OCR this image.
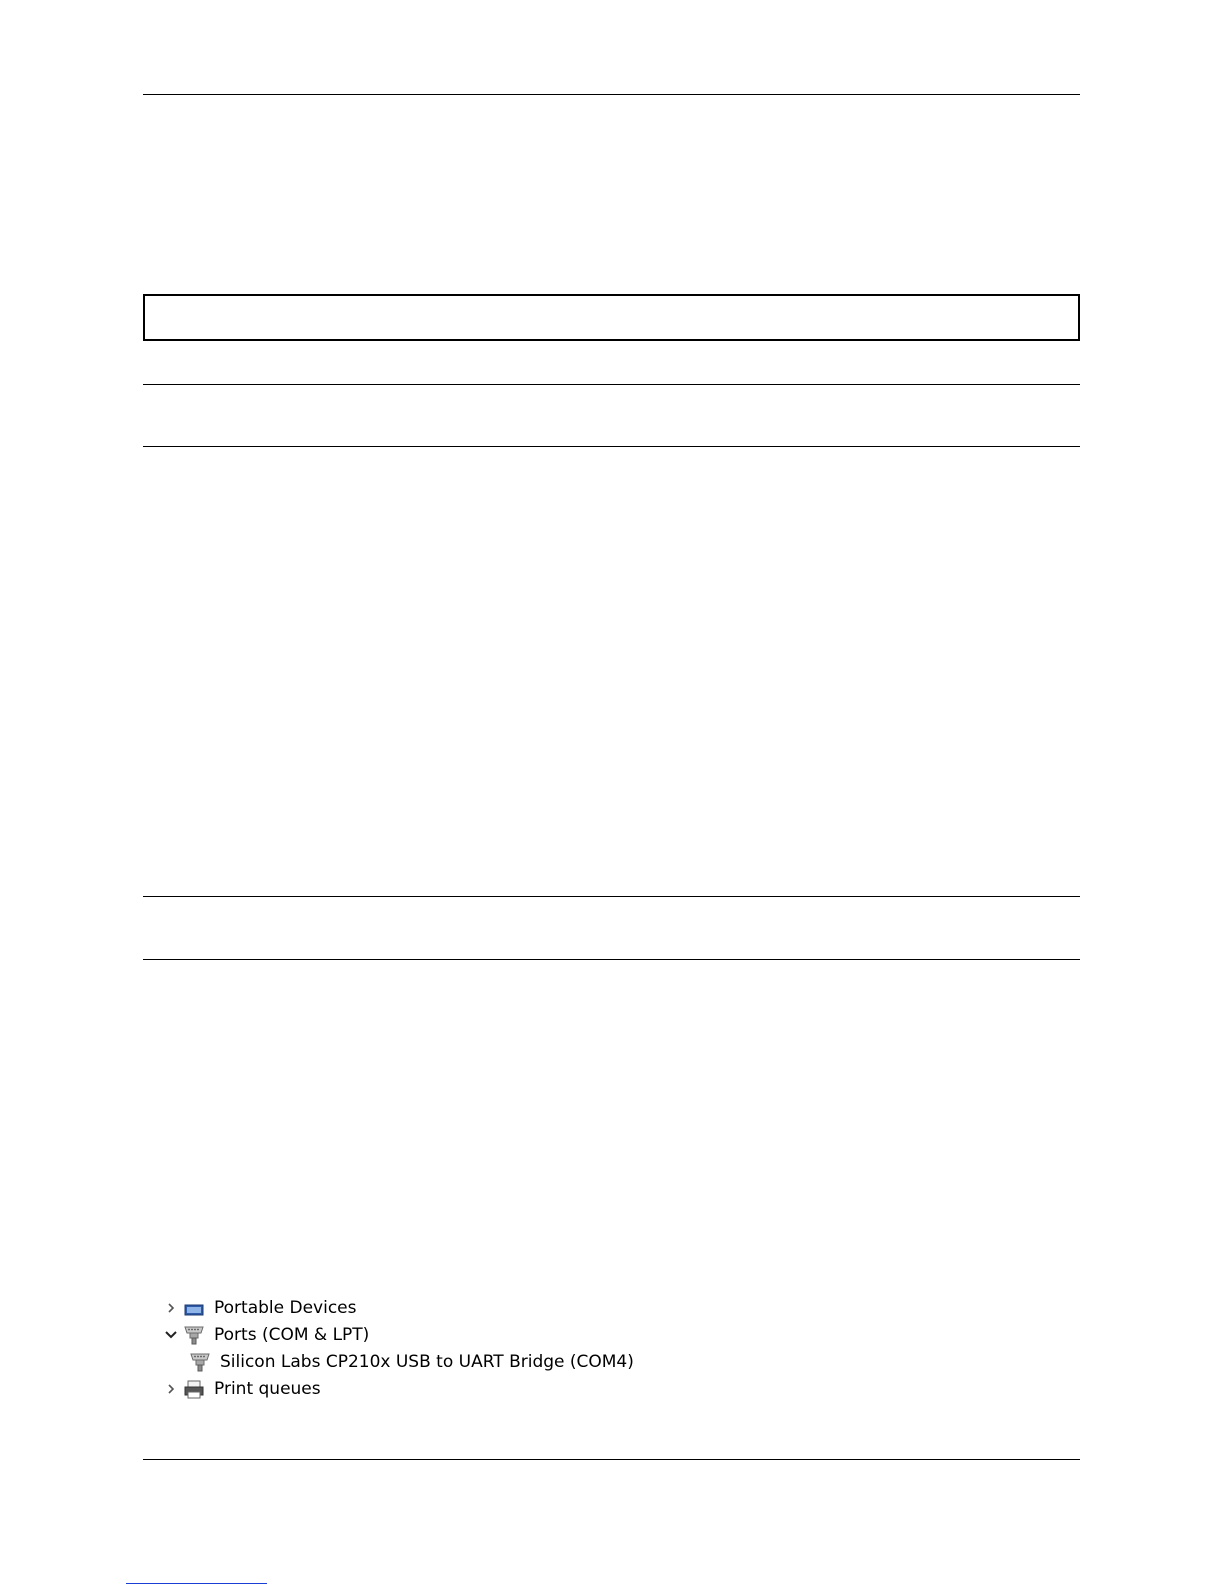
Portable Devices
Ports (COM & LPT)
Silicon Labs CP210x USB to UART Bridge (COM4)
Print queues
